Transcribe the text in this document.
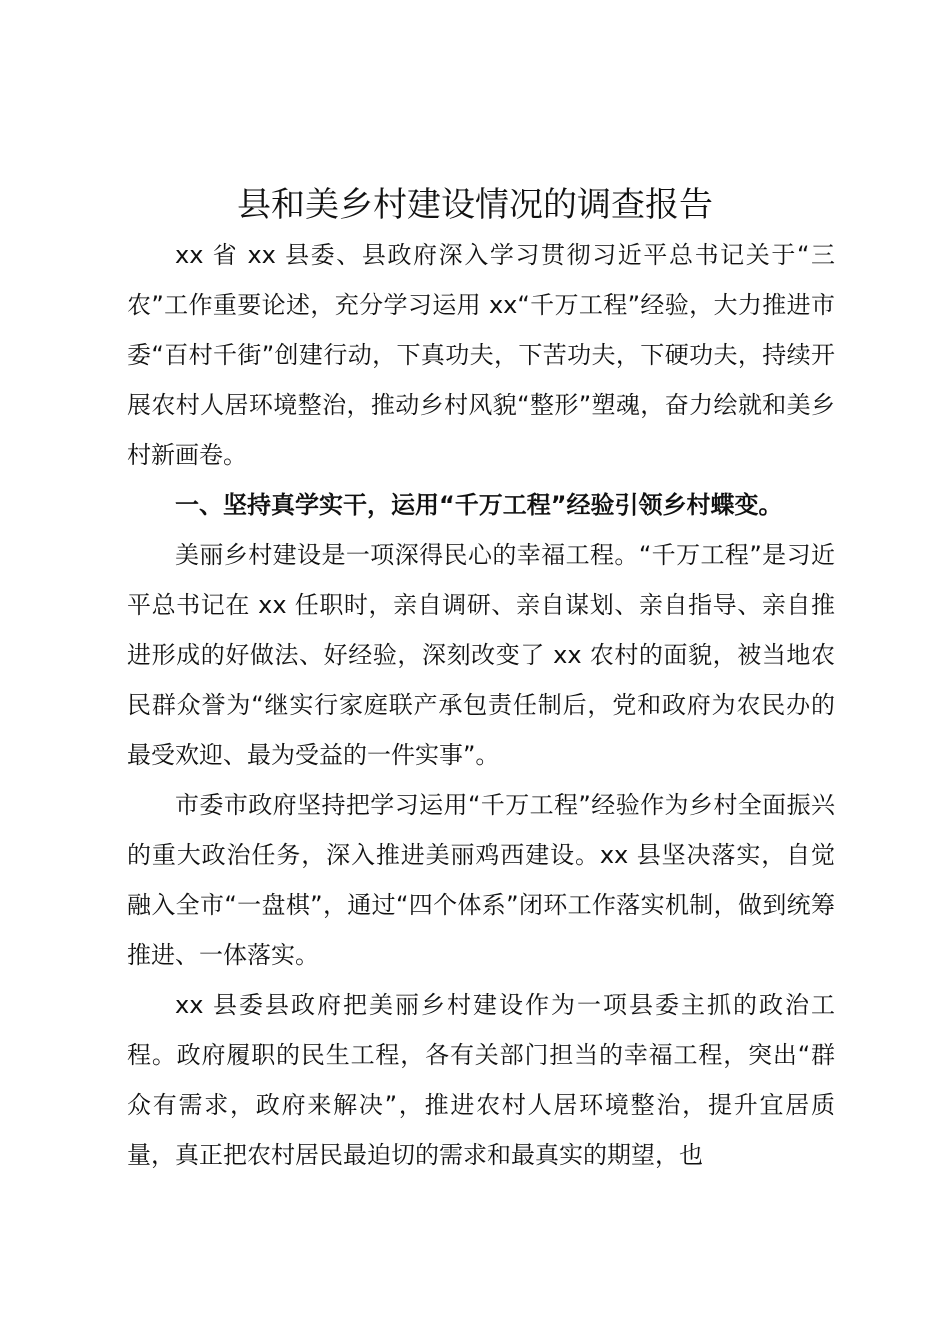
县和美乡村建设情况的调查报告

xx 省 xx 县委、县政府深入学习贯彻习近平总书记关于“三农”工作重要论述，充分学习运用 xx“千万工程”经验，大力推进市委“百村千街”创建行动，下真功夫，下苦功夫，下硬功夫，持续开展农村人居环境整治，推动乡村风貌“整形”塑魂，奋力绘就和美乡村新画卷。

一、坚持真学实干，运用“千万工程”经验引领乡村蝶变。

美丽乡村建设是一项深得民心的幸福工程。“千万工程”是习近平总书记在 xx 任职时，亲自调研、亲自谋划、亲自指导、亲自推进形成的好做法、好经验，深刻改变了 xx 农村的面貌，被当地农民群众誉为“继实行家庭联产承包责任制后，党和政府为农民办的最受欢迎、最为受益的一件实事”。

市委市政府坚持把学习运用“千万工程”经验作为乡村全面振兴的重大政治任务，深入推进美丽鸡西建设。xx 县坚决落实，自觉融入全市“一盘棋”，通过“四个体系”闭环工作落实机制，做到统筹推进、一体落实。

xx 县委县政府把美丽乡村建设作为一项县委主抓的政治工程。政府履职的民生工程，各有关部门担当的幸福工程，突出“群众有需求，政府来解决”，推进农村人居环境整治，提升宜居质量，真正把农村居民最迫切的需求和最真实的期望，也
